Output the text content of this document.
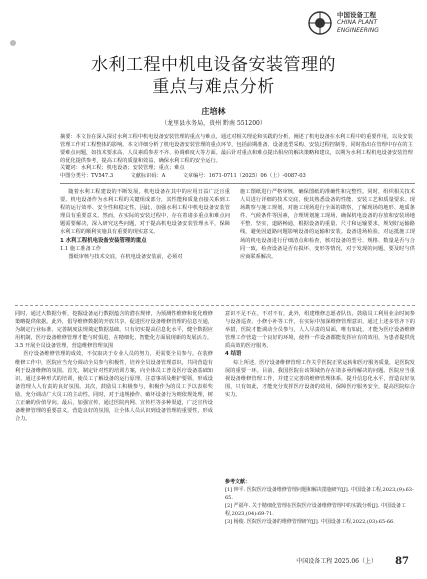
中国设备工程
CHINA PLANT
ENGINEERING
水利工程中机电设备安装管理的
重点与难点分析
庄培林
（龙里县水务局，贵州 黔南 551200）
摘要：本文旨在深入探讨水利工程中机电设备安装管理的重点与难点，通过对相关理论和实践的分析，阐述了机电设备在水利工程中的重要作用，以及安装管理工作对工程整体的影响。本文详细分析了机电设备安装管理的重点环节，包括前期准备、设备选型采购、安装过程控制等，同时指出在管理中存在的主要难点问题，如技术要求高、人员素质参差不齐、协调难度大等方面。最后针对重点和难点提出相应的解决策略和建议，以期为水利工程机电设备安装管理的优化提供参考，提高工程的质量和效益，确保水利工程的安全运行。
关键词：水利工程；机电设备；安装管理；重点；难点
中图分类号：TV547.3	文献标识码：A	文章编号：1671-0711（2025）06（上）-0087-03

随着水利工程建设的不断发展，机电设备在其中的应用日益广泛且重要。机电设备作为水利工程的关键组成部分，其性能和质量直接关系到工程的运行效率、安全性和稳定性。因此，加强水利工程中机电设备安装管理具有重要意义。然而，在实际的安装过程中，存在着诸多重点和难点问题需要解决，深入研究这些问题，对于提高机电设备安装管理水平，保障水利工程的顺利实施具有重要的现实意义。

1 水利工程机电设备安装管理的重点
1.1 施工准备工作

图纸审核与技术交底，在机电设备安装前，必须对

施工图纸进行严格审核，确保图纸的准确性和完整性。同时，组织相关技术人员进行详细的技术交底，使其熟悉设备的性能、安装工艺和质量要求。现场勘察与施工规划，对施工现场进行全面的勘察，了解现场的地形、地质条件、气候条件等因素，合理规划施工现场，确保机电设备的存放和安装场地平整、坚实，道路畅通，根据设备的重量、尺寸和运输要求，规划好运输路线，避免因道路问题影响设备的运输和安装。设备进场检验，对运抵施工现场的机电设备进行仔细清点和检查，核对设备的型号、规格、数量是否与合同一致，检查设备是否有损坏、变形等情况，对于发现的问题，要及时与供应商联系解决。

同时，通过大数据分析，挖掘设备运行数据蕴含的潜在规律，为预测性维修和优化维修策略提供依据。此外，倡导维修数据的开放共享，促进医疗设备维修管理的信息互通，为制定行业标准、完善制度法规奠定数据基础。只有切实提高信息化水平，健全数据应用机制，医疗设备维修管理才能与时俱进，在精细化、智能化方面展现新的发展活力。

3.5 开展全员设备管理，营造维修管理氛围

医疗设备维修管理的成效，不仅取决于专业人员的努力，更需要全员参与。在装修维修工作中，医院应当充分调动全员参与积极性，培养全员设备管理意识，共同营造有利于设备维修的氛围。首先，制定针对性的培训方案，向全体员工普及医疗设备基础知识，通过多种形式的培训，使员工了解设备的运行原理、注意事项及维护要领，形成设备管理人人有责的良好氛围。其次，鼓励员工积极参与，积极作为的员工予以表彰奖励，充分调动广大员工的主动性。同时，对于违规操作、破坏设备行为则依规处理，树立正确的价值导向。最后，加强宣传，通过医院内网、宣传栏等多种渠道，广泛宣传设备维修管理的重要意义，营造良好的氛围，让全体人员认识到设备管理的重要性，形成合力。

意识不足不在。不对不有，此外，组建维修志愿者队伍，鼓励员工利用业余时间参与设备巡查、小修小补等工作，在实际中加深维修管理意识，通过上述多管齐下的举措，医院才能调动全员参与，人人尽责的局面，唯有如此，才能为医疗设备维修管理工作营造一个良好的环境，使得一件设备都能发挥应有的效用，为患者提供优质高效的医疗服务。

4 结语

综上所述，医疗设备维修管理工作关乎医院正常运转和医疗服务质量，是医院发展的重要一环。目前，我国医院在该领域仍存在诸多亟待解决的问题。医院应当重视设备维修管理工作，并建立完善的维修管理体系，提升信息化水平，营造良好氛围，只有如此，才能充分发挥医疗设备的效用，保障医疗服务安全，提高医院综合实力。

参考文献：
[1] 钟平. 医院医疗设备维修管理问题和解决措施研究[J]. 中国设备工程,2023,(9):63-65.
[2] 严福年. 关于精细化管理在医院医疗设备维修管理中的实践分析[J]. 中国设备工程,2023,(04):69-71.
[3] 杨俊. 医院医疗设备的维修管理研究[J]. 中国设备工程,2022,(03):65-66.
中国设备工程 2025.06（上） 87
